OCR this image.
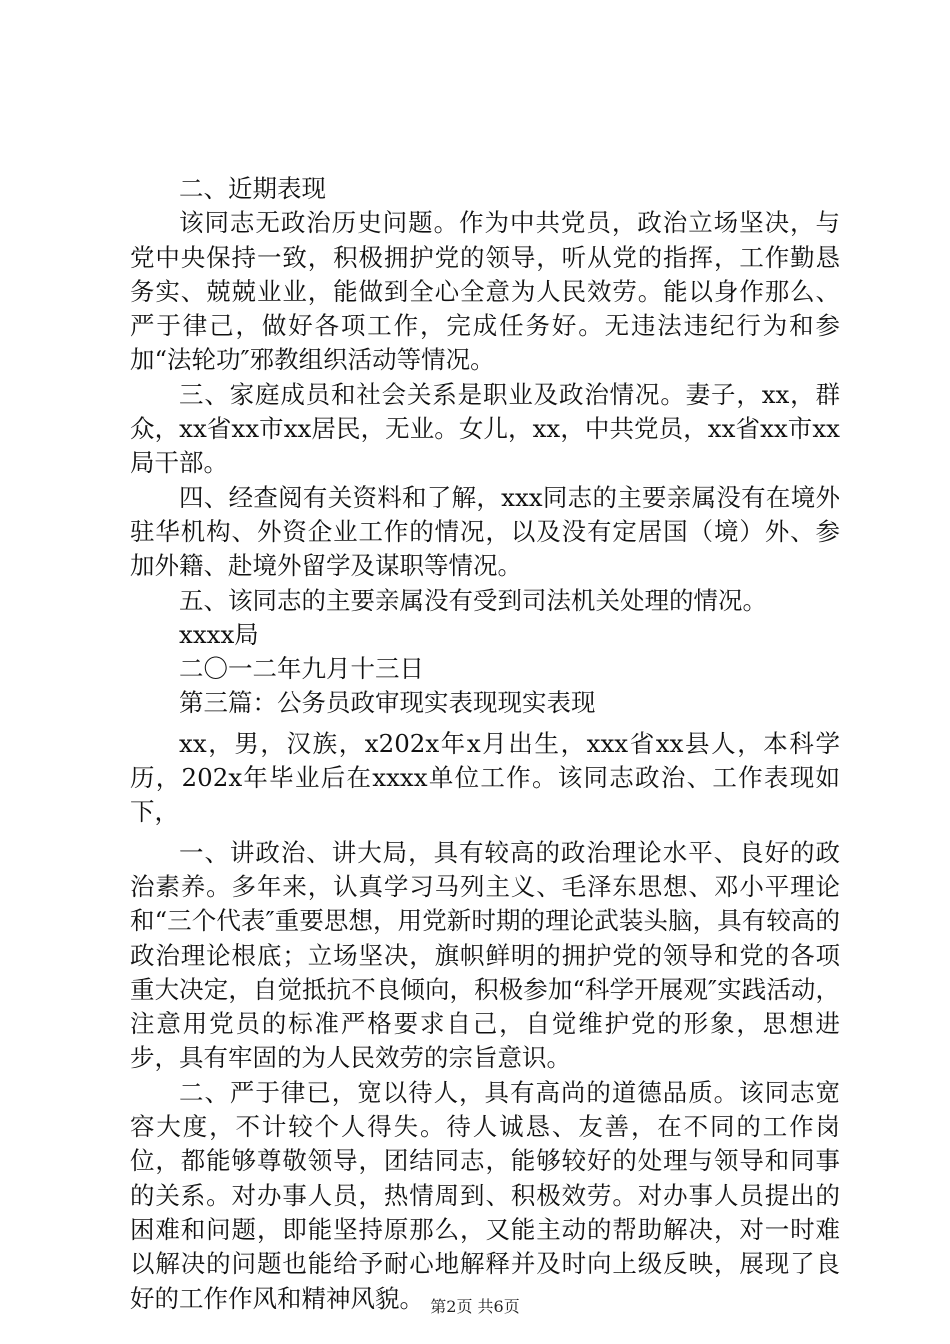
二、近期表现

该同志无政治历史问题。作为中共党员，政治立场坚决，与党中央保持一致，积极拥护党的领导，听从党的指挥，工作勤恳务实、兢兢业业，能做到全心全意为人民效劳。能以身作那么、严于律己，做好各项工作，完成任务好。无违法违纪行为和参加“法轮功″邪教组织活动等情况。

三、家庭成员和社会关系是职业及政治情况。妻子，xx，群众，xx省xx市xx居民，无业。女儿，xx，中共党员，xx省xx市xx局干部。

四、经查阅有关资料和了解，xxx同志的主要亲属没有在境外驻华机构、外资企业工作的情况，以及没有定居国（境）外、参加外籍、赴境外留学及谋职等情况。

五、该同志的主要亲属没有受到司法机关处理的情况。

xxxx局

二〇一二年九月十三日

第三篇：公务员政审现实表现现实表现

xx，男，汉族，x202x年x月出生，xxx省xx县人，本科学历，202x年毕业后在xxxx单位工作。该同志政治、工作表现如下，

一、讲政治、讲大局，具有较高的政治理论水平、良好的政治素养。多年来，认真学习马列主义、毛泽东思想、邓小平理论和“三个代表″重要思想，用党新时期的理论武装头脑，具有较高的政治理论根底；立场坚决，旗帜鲜明的拥护党的领导和党的各项重大决定，自觉抵抗不良倾向，积极参加“科学开展观″实践活动，注意用党员的标准严格要求自己，自觉维护党的形象，思想进步，具有牢固的为人民效劳的宗旨意识。

二、严于律已，宽以待人，具有高尚的道德品质。该同志宽容大度，不计较个人得失。待人诚恳、友善，在不同的工作岗位，都能够尊敬领导，团结同志，能够较好的处理与领导和同事的关系。对办事人员，热情周到、积极效劳。对办事人员提出的困难和问题，即能坚持原那么，又能主动的帮助解决，对一时难以解决的问题也能给予耐心地解释并及时向上级反映，展现了良好的工作作风和精神风貌。 第2页 共6页
